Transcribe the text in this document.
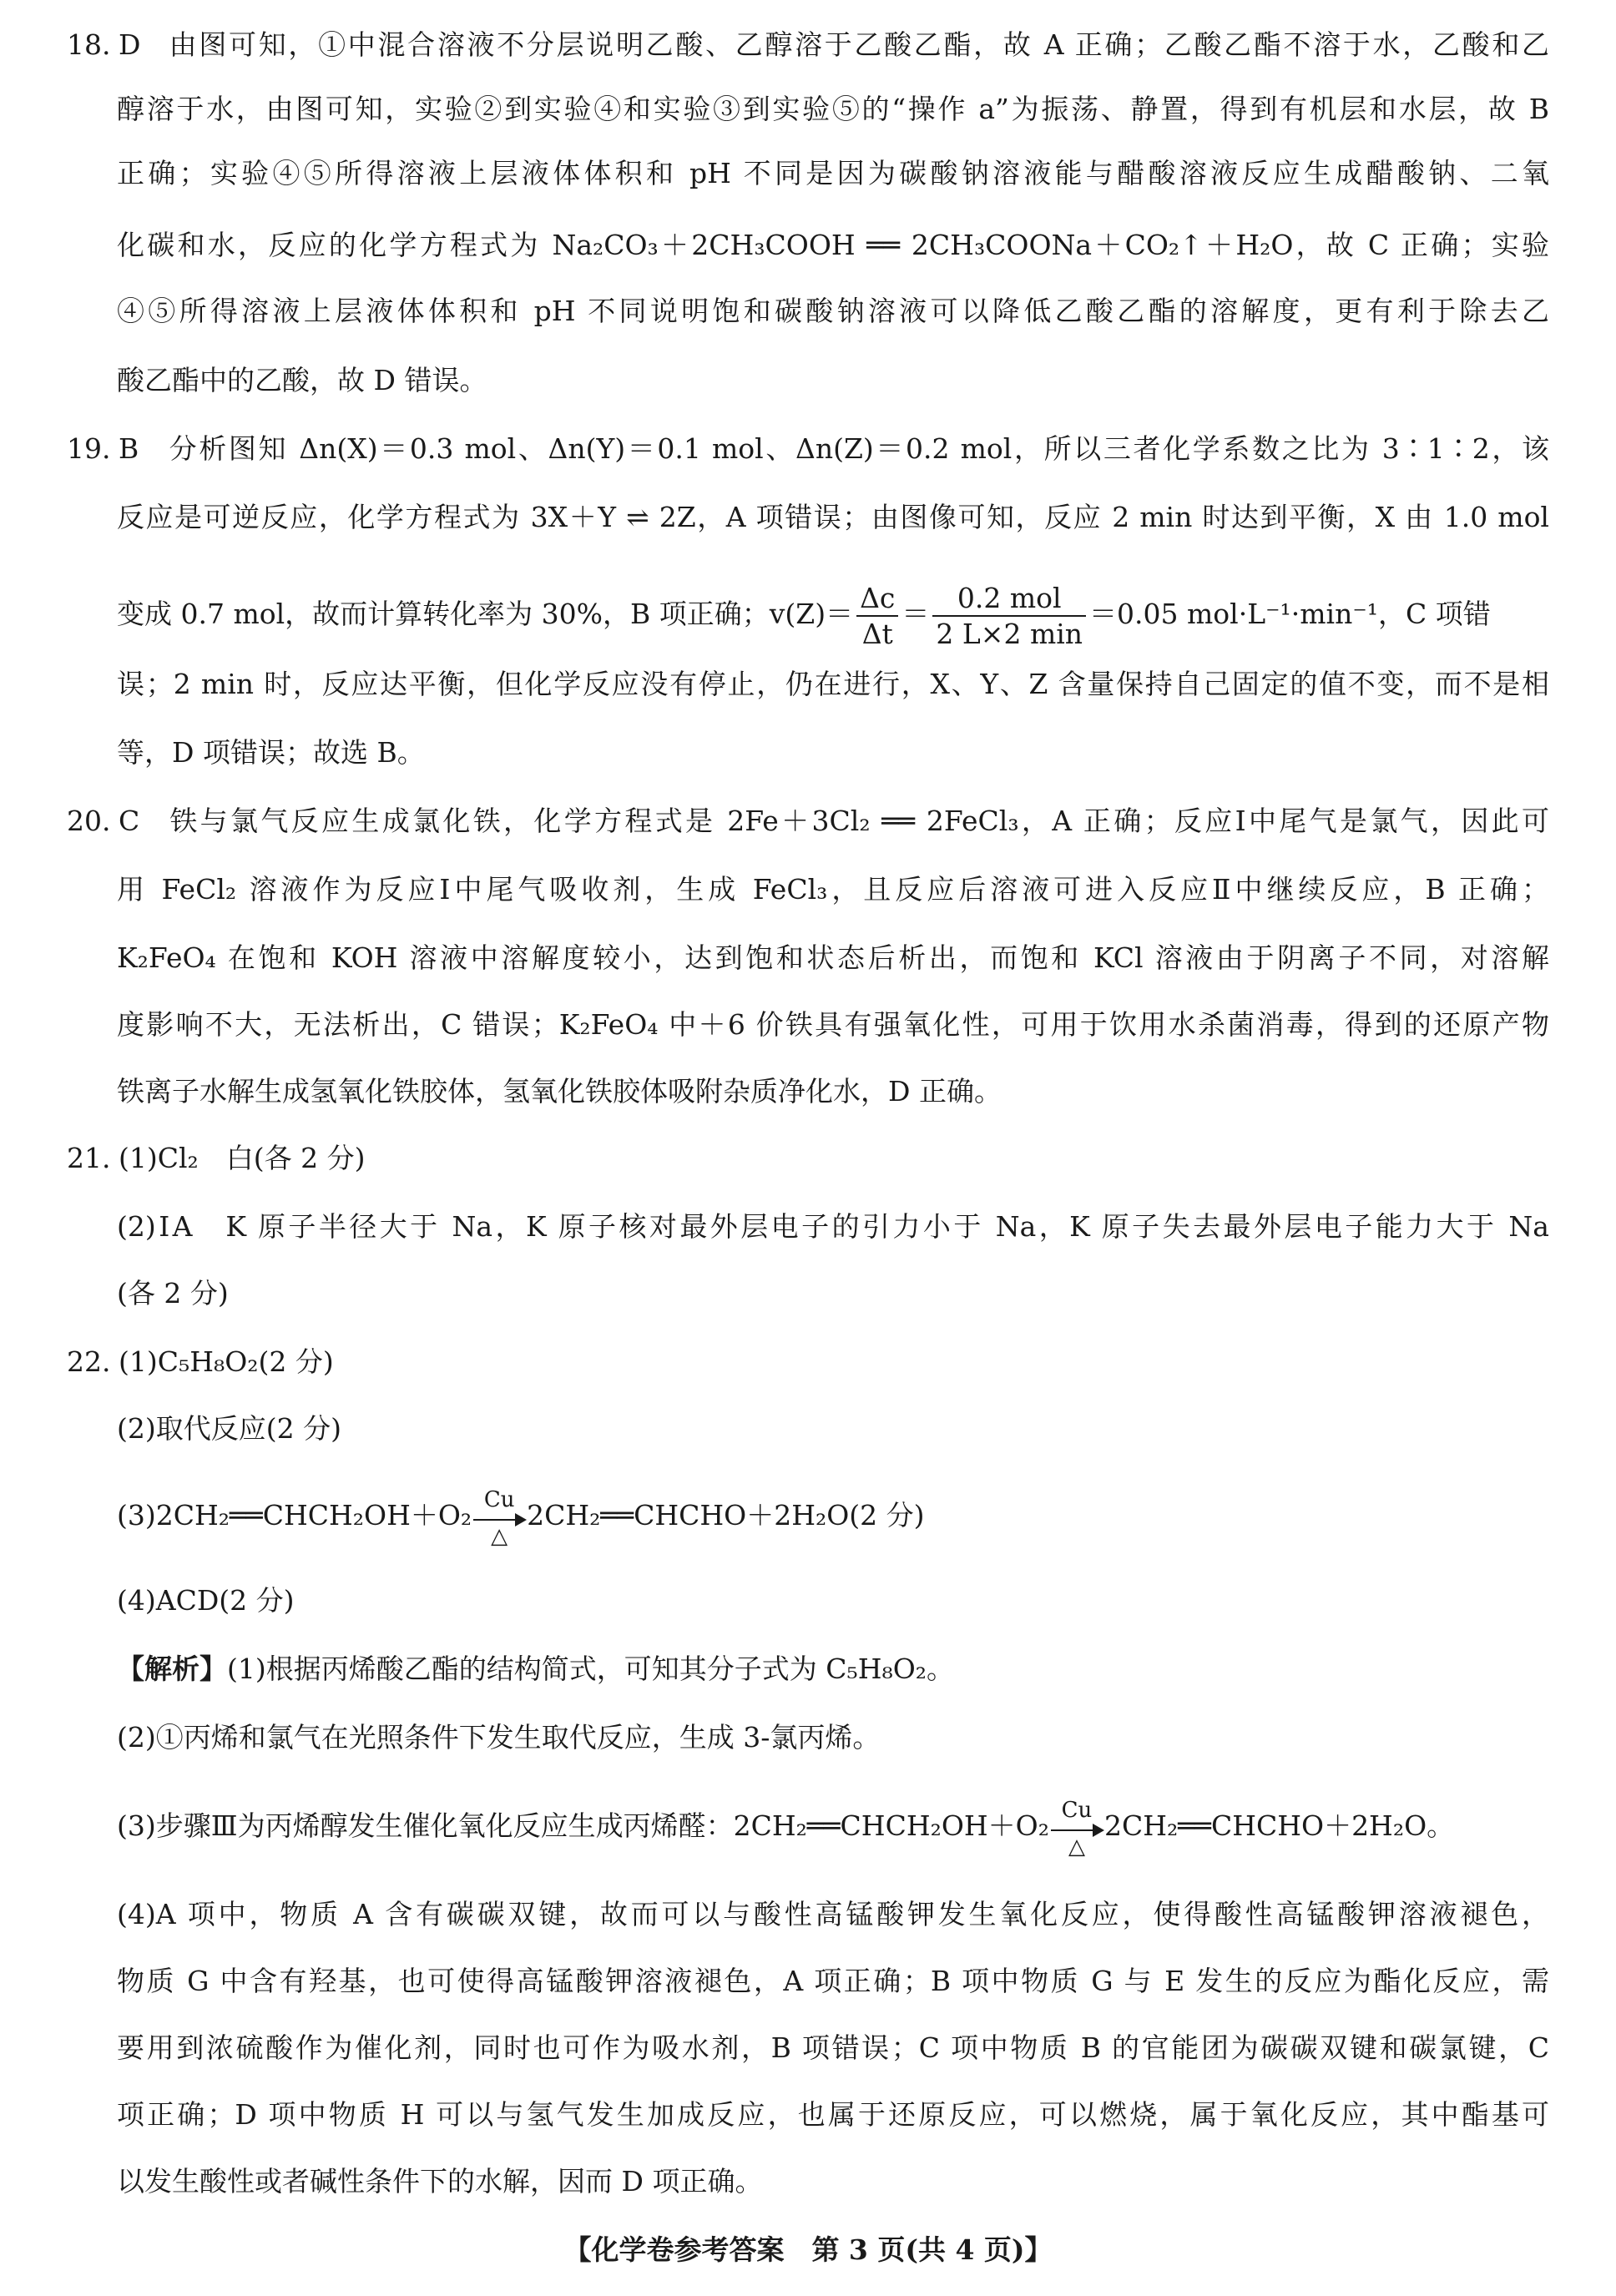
18. D 由图可知，①中混合溶液不分层说明乙酸、乙醇溶于乙酸乙酯，故 A 正确；乙酸乙酯不溶于水，乙酸和乙
醇溶于水，由图可知，实验②到实验④和实验③到实验⑤的“操作 a”为振荡、静置，得到有机层和水层，故 B
正确；实验④⑤所得溶液上层液体体积和 pH 不同是因为碳酸钠溶液能与醋酸溶液反应生成醋酸钠、二氧
化碳和水，反应的化学方程式为 Na₂CO₃＋2CH₃COOH ══ 2CH₃COONa＋CO₂↑＋H₂O，故 C 正确；实验
④⑤所得溶液上层液体体积和 pH 不同说明饱和碳酸钠溶液可以降低乙酸乙酯的溶解度，更有利于除去乙
酸乙酯中的乙酸，故 D 错误。
19. B 分析图知 Δn(X)＝0.3 mol、Δn(Y)＝0.1 mol、Δn(Z)＝0.2 mol，所以三者化学系数之比为 3∶1∶2，该
反应是可逆反应，化学方程式为 3X＋Y ⇌ 2Z，A 项错误；由图像可知，反应 2 min 时达到平衡，X 由 1.0 mol
变成 0.7 mol，故而计算转化率为 30%，B 项正确；$v(Z)= \frac{\Delta c}{\Delta t} = \frac{\text{0.2 mol}}{2 L\times 2 \min} =0.05$ mol·L⁻¹·min⁻¹，C 项错
误；2 min 时，反应达平衡，但化学反应没有停止，仍在进行，X、Y、Z 含量保持自己固定的值不变，而不是相
等，D 项错误；故选 B。
20. C 铁与氯气反应生成氯化铁，化学方程式是 2Fe＋3Cl₂ ══ 2FeCl₃，A 正确；反应Ⅰ中尾气是氯气，因此可
用 FeCl₂ 溶液作为反应Ⅰ中尾气吸收剂，生成 FeCl₃，且反应后溶液可进入反应Ⅱ中继续反应，B 正确；
K₂FeO₄ 在饱和 KOH 溶液中溶解度较小，达到饱和状态后析出，而饱和 KCl 溶液由于阴离子不同，对溶解
度影响不大，无法析出，C 错误；K₂FeO₄ 中＋6 价铁具有强氧化性，可用于饮用水杀菌消毒，得到的还原产物
铁离子水解生成氢氧化铁胶体，氢氧化铁胶体吸附杂质净化水，D 正确。
21. (1)Cl₂　白(各 2 分)
(2)ⅠA　K 原子半径大于 Na，K 原子核对最外层电子的引力小于 Na，K 原子失去最外层电子能力大于 Na
(各 2 分)
22. (1)C₅H₈O₂(2 分)
(2)取代反应(2 分)
(3)2CH₂══CHCH₂OH＋O₂ Cu
△
2CH₂══CHCHO＋2H₂O(2 分)
(4)ACD(2 分)
【解析】(1)根据丙烯酸乙酯的结构简式，可知其分子式为 C₅H₈O₂。
(2)①丙烯和氯气在光照条件下发生取代反应，生成 3-氯丙烯。
(3)步骤Ⅲ为丙烯醇发生催化氧化反应生成丙烯醛：2CH₂══CHCH₂OH＋O₂ Cu
△
2CH₂══CHCHO＋2H₂O。
(4)A 项中，物质 A 含有碳碳双键，故而可以与酸性高锰酸钾发生氧化反应，使得酸性高锰酸钾溶液褪色，
物质 G 中含有羟基，也可使得高锰酸钾溶液褪色，A 项正确；B 项中物质 G 与 E 发生的反应为酯化反应，需
要用到浓硫酸作为催化剂，同时也可作为吸水剂，B 项错误；C 项中物质 B 的官能团为碳碳双键和碳氯键，C
项正确；D 项中物质 H 可以与氢气发生加成反应，也属于还原反应，可以燃烧，属于氧化反应，其中酯基可
以发生酸性或者碱性条件下的水解，因而 D 项正确。
【化学卷参考答案　第 3 页(共 4 页)】
